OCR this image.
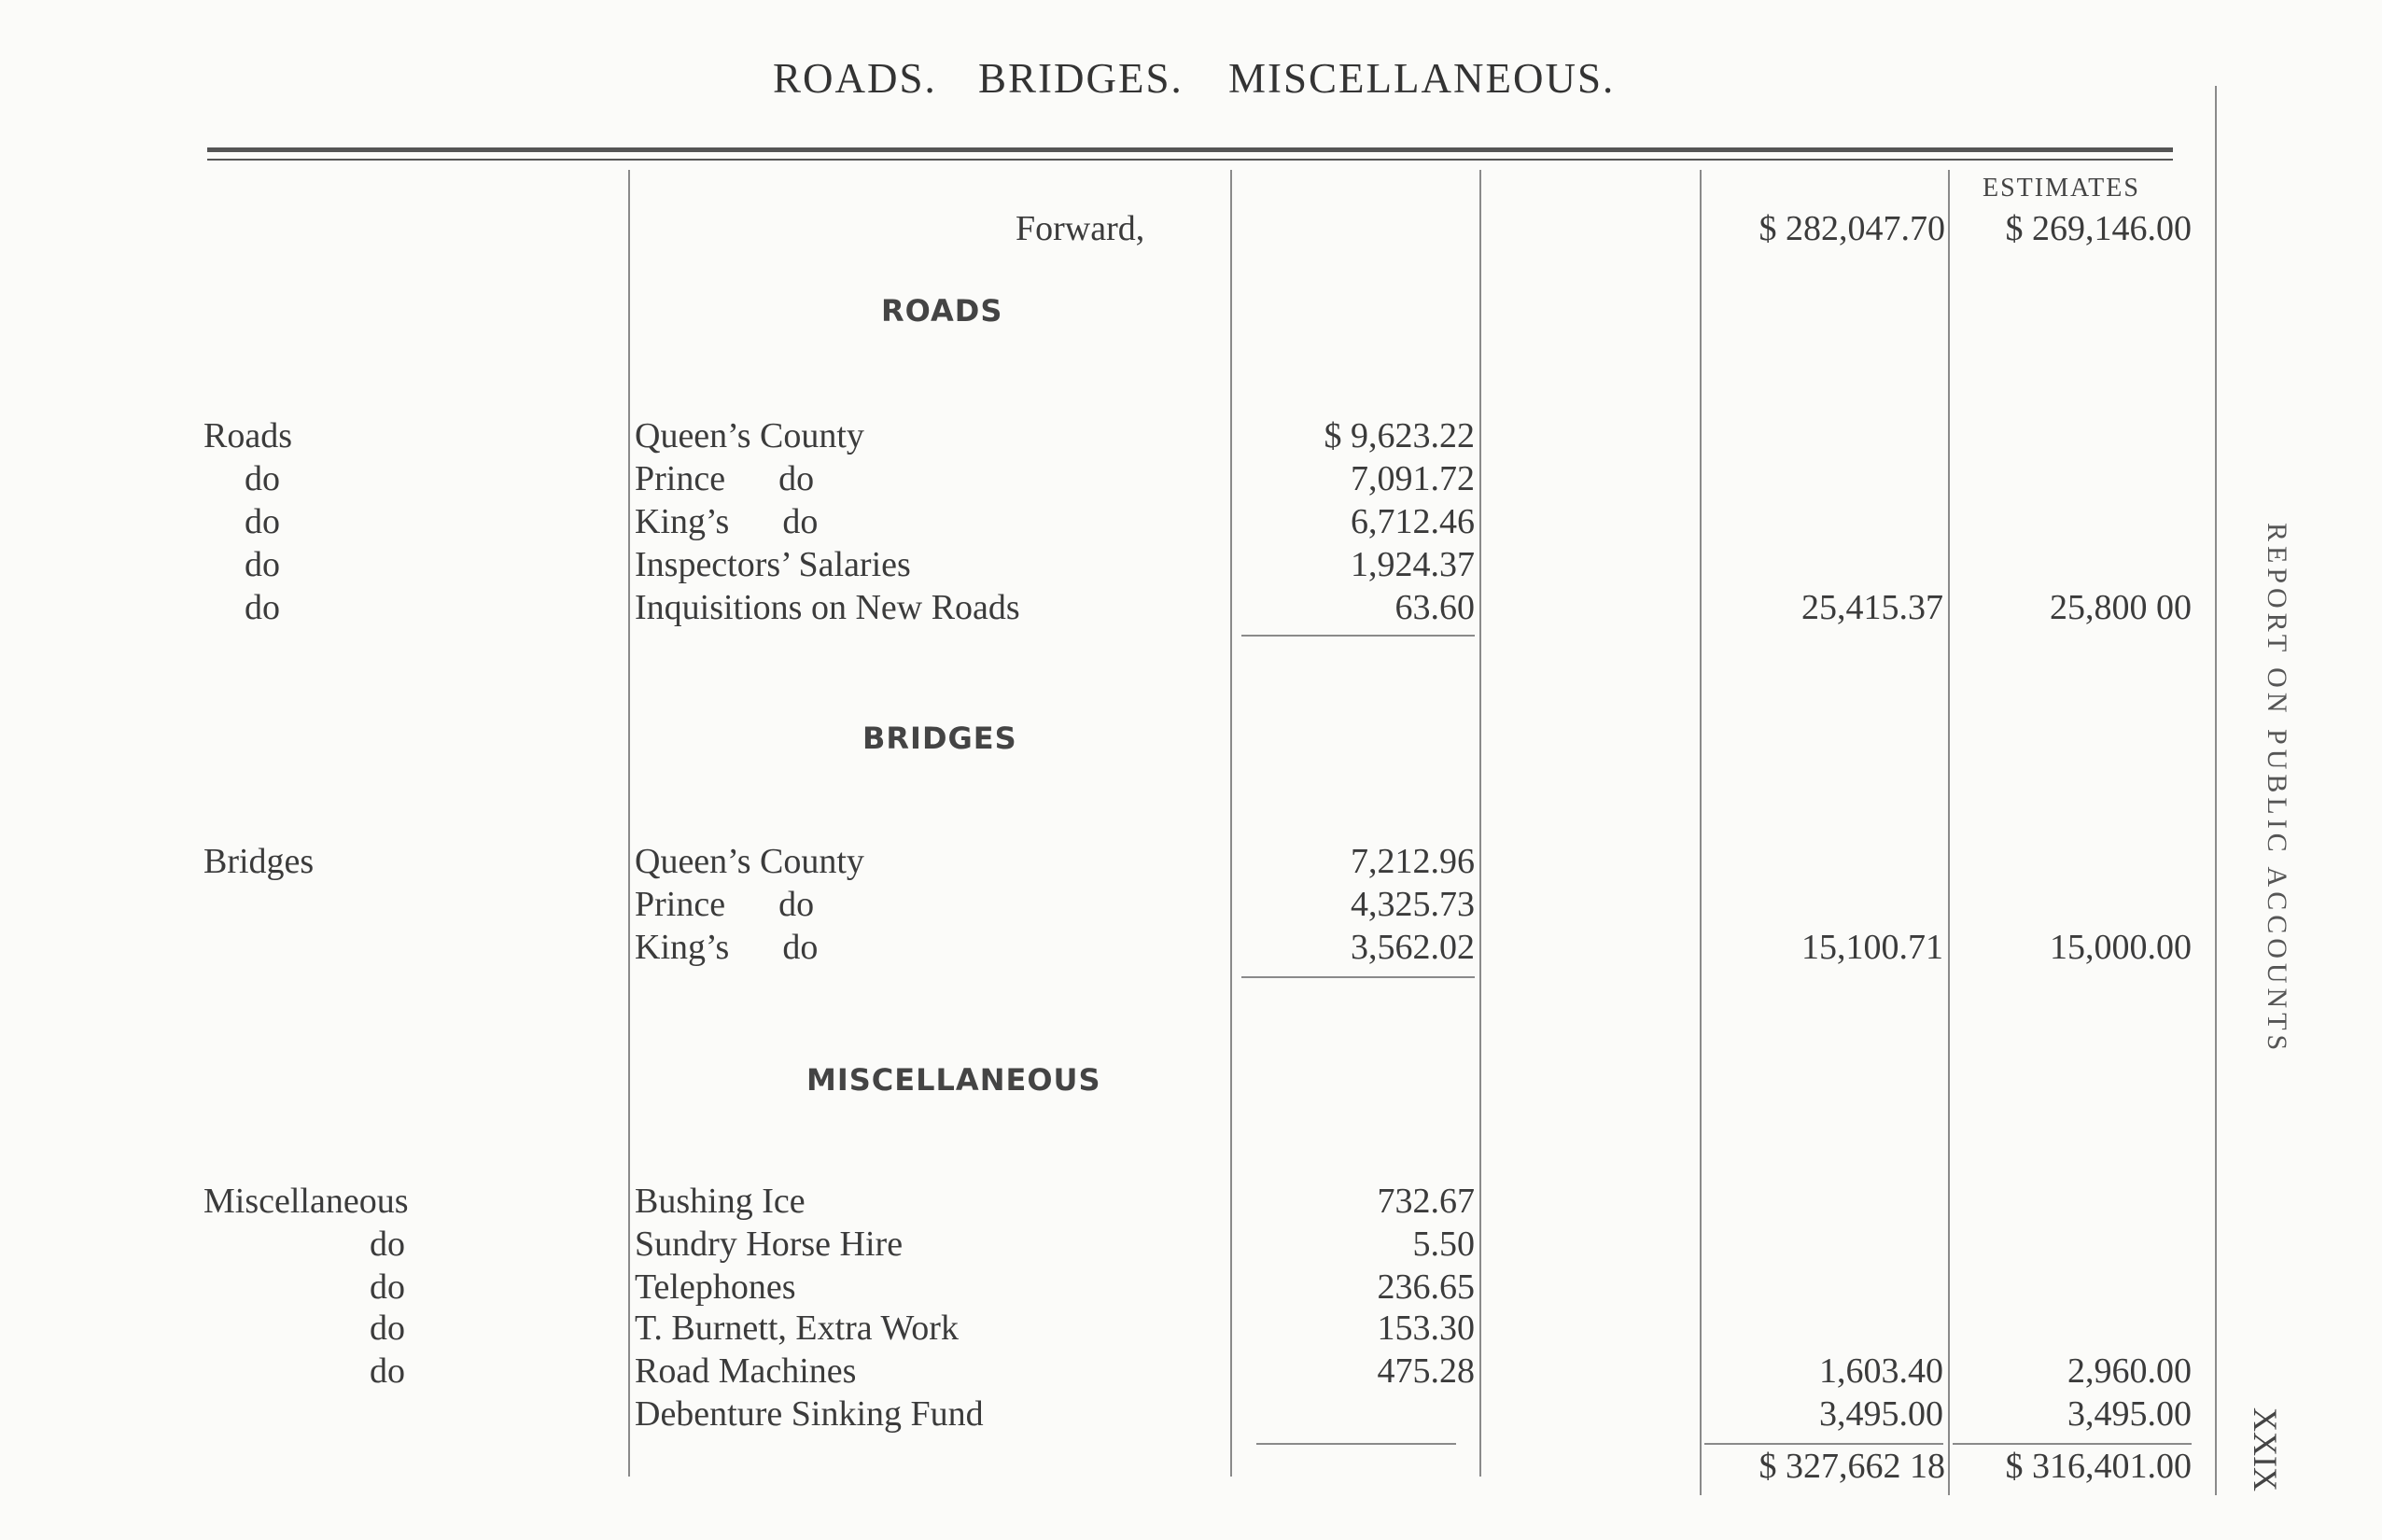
ROADS. BRIDGES. MISCELLANEOUS.
ESTIMATES
Forward,	$ 282,047.70	$ 269,146.00
ROADS
Roads	Queen’s County	$ 9,623.22
do	Prince      do	7,091.72
do	King’s      do	6,712.46
do	Inspectors’ Salaries	1,924.37
do	Inquisitions on New Roads	63.60	25,415.37	25,800 00
BRIDGES
Bridges	Queen’s County	7,212.96
Prince      do	4,325.73
King’s      do	3,562.02	15,100.71	15,000.00
MISCELLANEOUS
Miscellaneous	Bushing Ice	732.67
do	Sundry Horse Hire	5.50
do	Telephones	236.65
do	T. Burnett, Extra Work	153.30
do	Road Machines	475.28	1,603.40	2,960.00
Debenture Sinking Fund	3,495.00	3,495.00
$ 327,662 18	$ 316,401.00
REPORT ON PUBLIC ACCOUNTS
XXIX
